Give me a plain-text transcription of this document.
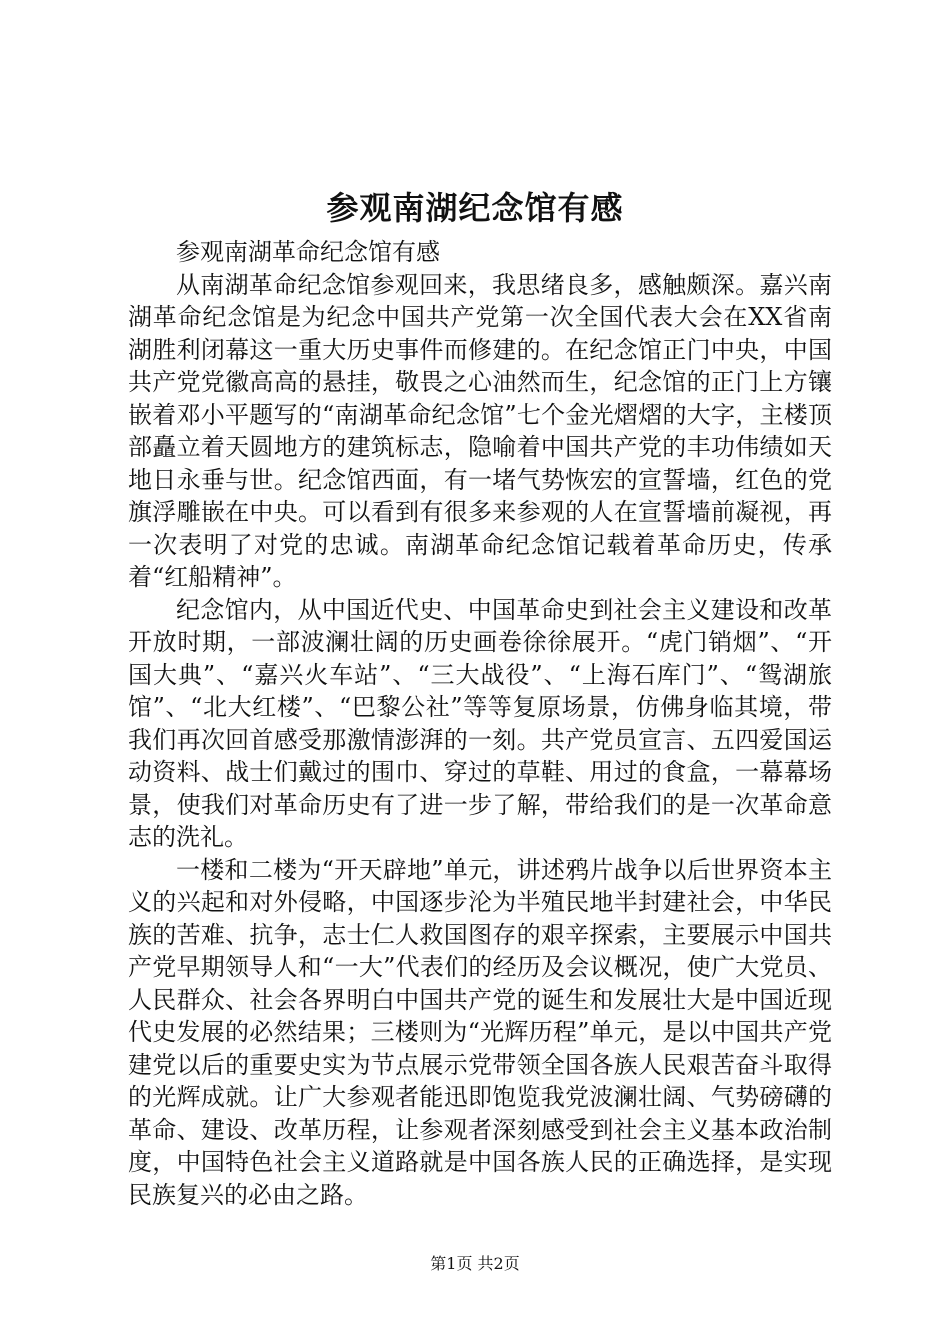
参观南湖纪念馆有感

参观南湖革命纪念馆有感

从南湖革命纪念馆参观回来，我思绪良多，感触颇深。嘉兴南湖革命纪念馆是为纪念中国共产党第一次全国代表大会在XX省南湖胜利闭幕这一重大历史事件而修建的。在纪念馆正门中央，中国共产党党徽高高的悬挂，敬畏之心油然而生，纪念馆的正门上方镶嵌着邓小平题写的“南湖革命纪念馆”七个金光熠熠的大字，主楼顶部矗立着天圆地方的建筑标志，隐喻着中国共产党的丰功伟绩如天地日永垂与世。纪念馆西面，有一堵气势恢宏的宣誓墙，红色的党旗浮雕嵌在中央。可以看到有很多来参观的人在宣誓墙前凝视，再一次表明了对党的忠诚。南湖革命纪念馆记载着革命历史，传承着“红船精神”。

纪念馆内，从中国近代史、中国革命史到社会主义建设和改革开放时期，一部波澜壮阔的历史画卷徐徐展开。“虎门销烟”、“开国大典”、“嘉兴火车站”、“三大战役”、“上海石库门”、“鸳湖旅馆”、“北大红楼”、“巴黎公社”等等复原场景，仿佛身临其境，带我们再次回首感受那激情澎湃的一刻。共产党员宣言、五四爱国运动资料、战士们戴过的围巾、穿过的草鞋、用过的食盒，一幕幕场景，使我们对革命历史有了进一步了解，带给我们的是一次革命意志的洗礼。

一楼和二楼为“开天辟地”单元，讲述鸦片战争以后世界资本主义的兴起和对外侵略，中国逐步沦为半殖民地半封建社会，中华民族的苦难、抗争，志士仁人救国图存的艰辛探索，主要展示中国共产党早期领导人和“一大”代表们的经历及会议概况，使广大党员、人民群众、社会各界明白中国共产党的诞生和发展壮大是中国近现代史发展的必然结果；三楼则为“光辉历程”单元，是以中国共产党建党以后的重要史实为节点展示党带领全国各族人民艰苦奋斗取得的光辉成就。让广大参观者能迅即饱览我党波澜壮阔、气势磅礴的革命、建设、改革历程，让参观者深刻感受到社会主义基本政治制度，中国特色社会主义道路就是中国各族人民的正确选择，是实现民族复兴的必由之路。

第1页 共2页
